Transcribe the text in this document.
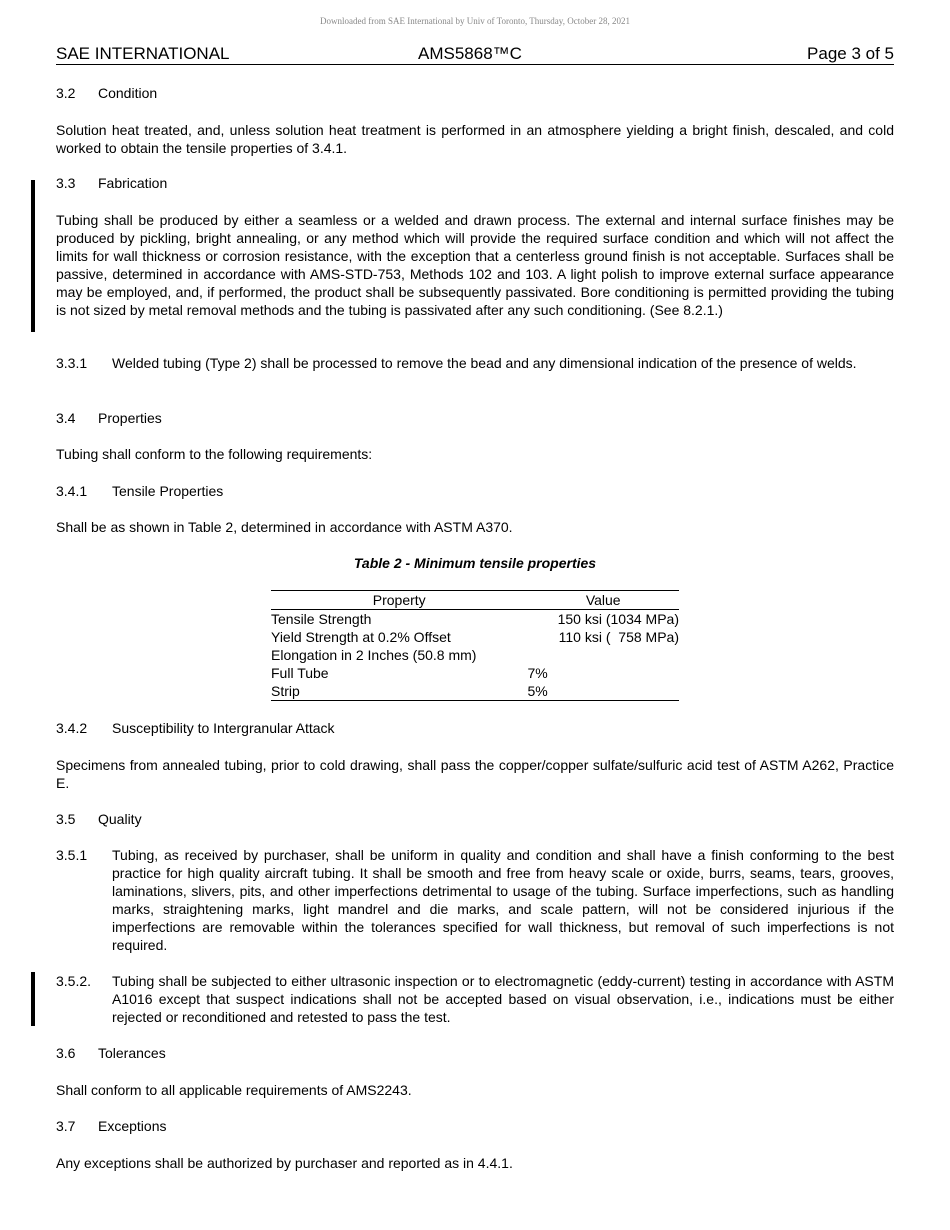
Downloaded from SAE International by Univ of Toronto, Thursday, October 28, 2021
SAE INTERNATIONAL	AMS5868™C	Page 3 of 5
3.2 Condition
Solution heat treated, and, unless solution heat treatment is performed in an atmosphere yielding a bright finish, descaled, and cold worked to obtain the tensile properties of 3.4.1.
3.3 Fabrication
Tubing shall be produced by either a seamless or a welded and drawn process. The external and internal surface finishes may be produced by pickling, bright annealing, or any method which will provide the required surface condition and which will not affect the limits for wall thickness or corrosion resistance, with the exception that a centerless ground finish is not acceptable. Surfaces shall be passive, determined in accordance with AMS-STD-753, Methods 102 and 103. A light polish to improve external surface appearance may be employed, and, if performed, the product shall be subsequently passivated. Bore conditioning is permitted providing the tubing is not sized by metal removal methods and the tubing is passivated after any such conditioning. (See 8.2.1.)
3.3.1	Welded tubing (Type 2) shall be processed to remove the bead and any dimensional indication of the presence of welds.
3.4 Properties
Tubing shall conform to the following requirements:
3.4.1 Tensile Properties
Shall be as shown in Table 2, determined in accordance with ASTM A370.
Table 2 - Minimum tensile properties
Property	Value
Tensile Strength	150 ksi (1034 MPa)
Yield Strength at 0.2% Offset	110 ksi (  758 MPa)
Elongation in 2 Inches (50.8 mm)	
Full Tube	7%
Strip	5%
3.4.2 Susceptibility to Intergranular Attack
Specimens from annealed tubing, prior to cold drawing, shall pass the copper/copper sulfate/sulfuric acid test of ASTM A262, Practice E.
3.5 Quality
3.5.1	Tubing, as received by purchaser, shall be uniform in quality and condition and shall have a finish conforming to the best practice for high quality aircraft tubing. It shall be smooth and free from heavy scale or oxide, burrs, seams, tears, grooves, laminations, slivers, pits, and other imperfections detrimental to usage of the tubing. Surface imperfections, such as handling marks, straightening marks, light mandrel and die marks, and scale pattern, will not be considered injurious if the imperfections are removable within the tolerances specified for wall thickness, but removal of such imperfections is not required.
3.5.2.	Tubing shall be subjected to either ultrasonic inspection or to electromagnetic (eddy-current) testing in accordance with ASTM A1016 except that suspect indications shall not be accepted based on visual observation, i.e., indications must be either rejected or reconditioned and retested to pass the test.
3.6 Tolerances
Shall conform to all applicable requirements of AMS2243.
3.7 Exceptions
Any exceptions shall be authorized by purchaser and reported as in 4.4.1.
